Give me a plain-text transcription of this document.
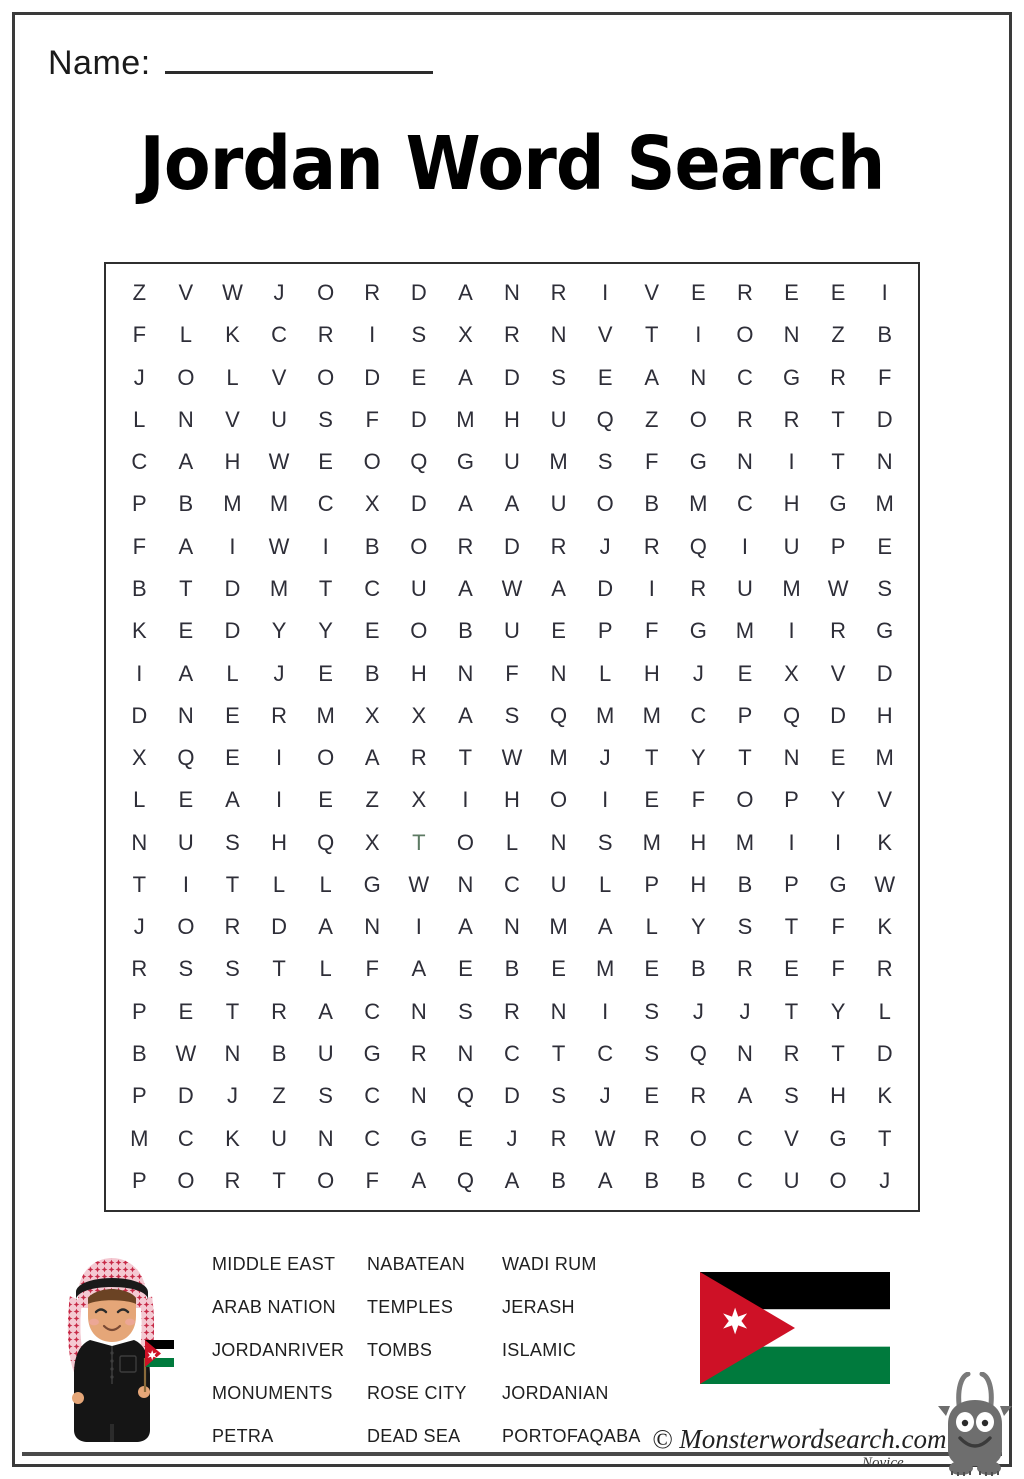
Name:
Jordan Word Search
Z	V	W	J	O	R	D	A	N	R	I	V	E	R	E	E	I
F	L	K	C	R	I	S	X	R	N	V	T	I	O	N	Z	B
J	O	L	V	O	D	E	A	D	S	E	A	N	C	G	R	F
L	N	V	U	S	F	D	M	H	U	Q	Z	O	R	R	T	D
C	A	H	W	E	O	Q	G	U	M	S	F	G	N	I	T	N
P	B	M	M	C	X	D	A	A	U	O	B	M	C	H	G	M
F	A	I	W	I	B	O	R	D	R	J	R	Q	I	U	P	E
B	T	D	M	T	C	U	A	W	A	D	I	R	U	M	W	S
K	E	D	Y	Y	E	O	B	U	E	P	F	G	M	I	R	G
I	A	L	J	E	B	H	N	F	N	L	H	J	E	X	V	D
D	N	E	R	M	X	X	A	S	Q	M	M	C	P	Q	D	H
X	Q	E	I	O	A	R	T	W	M	J	T	Y	T	N	E	M
L	E	A	I	E	Z	X	I	H	O	I	E	F	O	P	Y	V
N	U	S	H	Q	X	T	O	L	N	S	M	H	M	I	I	K
T	I	T	L	L	G	W	N	C	U	L	P	H	B	P	G	W
J	O	R	D	A	N	I	A	N	M	A	L	Y	S	T	F	K
R	S	S	T	L	F	A	E	B	E	M	E	B	R	E	F	R
P	E	T	R	A	C	N	S	R	N	I	S	J	J	T	Y	L
B	W	N	B	U	G	R	N	C	T	C	S	Q	N	R	T	D
P	D	J	Z	S	C	N	Q	D	S	J	E	R	A	S	H	K
M	C	K	U	N	C	G	E	J	R	W	R	O	C	V	G	T
P	O	R	T	O	F	A	Q	A	B	A	B	B	C	U	O	J
MIDDLE EAST	NABATEAN	WADI RUM
ARAB NATION	TEMPLES	JERASH
JORDANRIVER	TOMBS	ISLAMIC
MONUMENTS	ROSE CITY	JORDANIAN
PETRA	DEAD SEA	PORTOFAQABA © Monsterwordsearch.com
Novice
